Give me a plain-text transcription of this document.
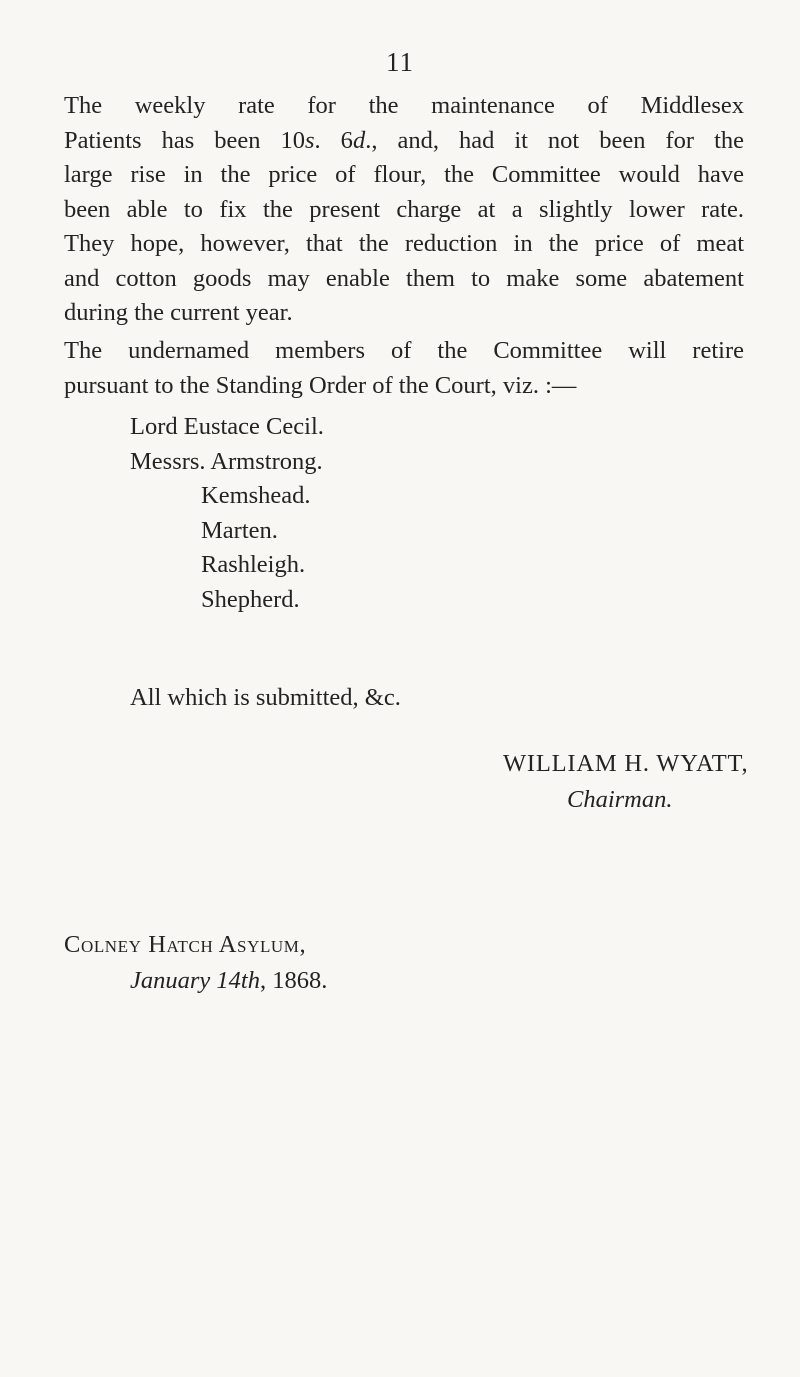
11
The weekly rate for the maintenance of Middlesex
Patients has been 10s. 6d., and, had it not been for the
large rise in the price of flour, the Committee would have
been able to fix the present charge at a slightly lower rate.
They hope, however, that the reduction in the price of meat
and cotton goods may enable them to make some abatement
during the current year.
The undernamed members of the Committee will retire
pursuant to the Standing Order of the Court, viz. :—
Lord Eustace Cecil.
Messrs. Armstrong.
Kemshead.
Marten.
Rashleigh.
Shepherd.
All which is submitted, &c.
WILLIAM H. WYATT,
Chairman.
Colney Hatch Asylum,
January 14th, 1868.
